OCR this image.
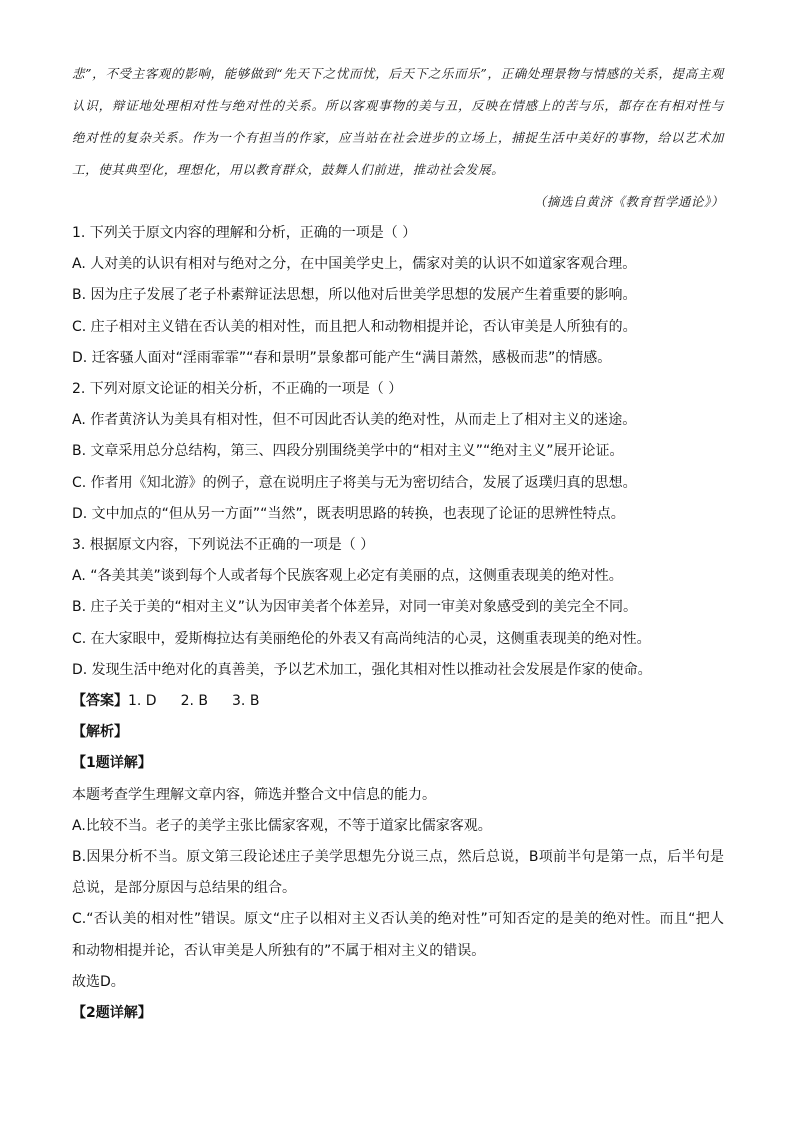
悲”，不受主客观的影响，能够做到“先天下之忧而忧，后天下之乐而乐”，正确处理景物与情感的关系，提高主观认识，辩证地处理相对性与绝对性的关系。所以客观事物的美与丑，反映在情感上的苦与乐，都存在有相对性与绝对性的复杂关系。作为一个有担当的作家，应当站在社会进步的立场上，捕捉生活中美好的事物，给以艺术加工，使其典型化，理想化，用以教育群众，鼓舞人们前进，推动社会发展。

（摘选自黄济《教育哲学通论》）

1. 下列关于原文内容的理解和分析，正确的一项是（ ）

A. 人对美的认识有相对与绝对之分，在中国美学史上，儒家对美的认识不如道家客观合理。

B. 因为庄子发展了老子朴素辩证法思想，所以他对后世美学思想的发展产生着重要的影响。

C. 庄子相对主义错在否认美的相对性，而且把人和动物相提并论，否认审美是人所独有的。

D. 迁客骚人面对“淫雨霏霏”“春和景明”景象都可能产生“满目萧然，感极而悲”的情感。

2. 下列对原文论证的相关分析，不正确的一项是（ ）

A. 作者黄济认为美具有相对性，但不可因此否认美的绝对性，从而走上了相对主义的迷途。

B. 文章采用总分总结构，第三、四段分别围绕美学中的“相对主义”“绝对主义”展开论证。

C. 作者用《知北游》的例子，意在说明庄子将美与无为密切结合，发展了返璞归真的思想。

D. 文中加点的“但从另一方面”“当然”，既表明思路的转换，也表现了论证的思辨性特点。

3. 根据原文内容，下列说法不正确的一项是（ ）

A. “各美其美”谈到每个人或者每个民族客观上必定有美丽的点，这侧重表现美的绝对性。

B. 庄子关于美的“相对主义”认为因审美者个体差异，对同一审美对象感受到的美完全不同。

C. 在大家眼中，爱斯梅拉达有美丽绝伦的外表又有高尚纯洁的心灵，这侧重表现美的绝对性。

D. 发现生活中绝对化的真善美，予以艺术加工，强化其相对性以推动社会发展是作家的使命。

【答案】1. D 2. B 3. B

【解析】

【1题详解】

本题考查学生理解文章内容，筛选并整合文中信息的能力。

A.比较不当。老子的美学主张比儒家客观，不等于道家比儒家客观。

B.因果分析不当。原文第三段论述庄子美学思想先分说三点，然后总说，B项前半句是第一点，后半句是总说，是部分原因与总结果的组合。

C.“否认美的相对性”错误。原文“庄子以相对主义否认美的绝对性”可知否定的是美的绝对性。而且“把人和动物相提并论，否认审美是人所独有的”不属于相对主义的错误。

故选D。

【2题详解】
